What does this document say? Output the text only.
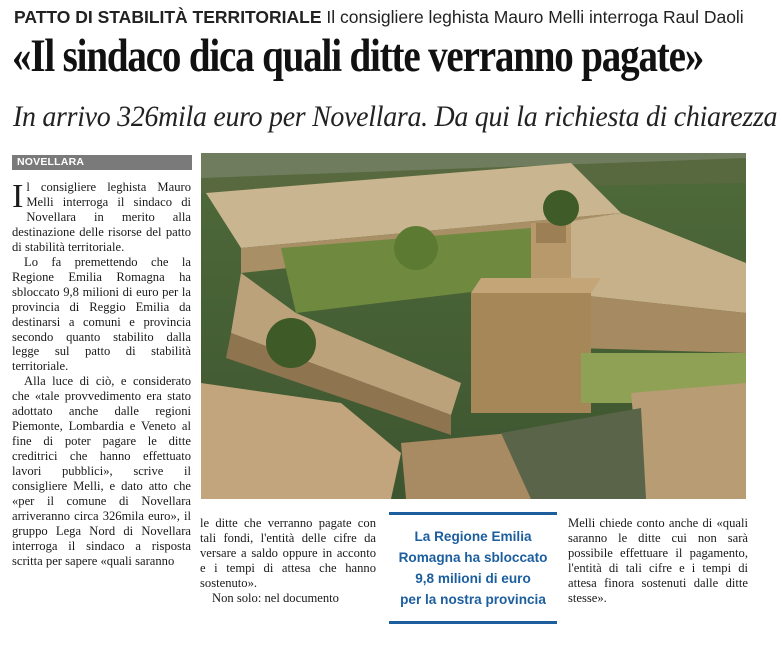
PATTO DI STABILITÀ TERRITORIALE Il consigliere leghista Mauro Melli interroga Raul Daoli
«Il sindaco dica quali ditte verranno pagate»
In arrivo 326mila euro per Novellara. Da qui la richiesta di chiarezza
NOVELLARA

Il consigliere leghista Mauro Melli interroga il sindaco di Novellara in merito alla destinazione delle risorse del patto di stabilità territoriale.

Lo fa premettendo che la Regione Emilia Romagna ha sbloccato 9,8 milioni di euro per la provincia di Reggio Emilia da destinarsi a comuni e provincia secondo quanto stabilito dalla legge sul patto di stabilità territoriale.

Alla luce di ciò, e considerato che «tale provvedimento era stato adottato anche dalle regioni Piemonte, Lombardia e Veneto al fine di poter pagare le ditte creditrici che hanno effettuato lavori pubblici», scrive il consigliere Melli, e dato atto che «per il comune di Novellara arriveranno circa 326mila euro», il gruppo Lega Nord di Novellara interroga il sindaco a risposta scritta per sapere «quali saranno

le ditte che verranno pagate con tali fondi, l'entità delle cifre da versare a saldo oppure in acconto e i tempi di attesa che hanno sostenuto».

Non solo: nel documento

La Regione Emilia
Romagna ha sbloccato
9,8 milioni di euro
per la nostra provincia

Melli chiede conto anche di «quali saranno le ditte cui non sarà possibile effettuare il pagamento, l'entità di tali cifre e i tempi di attesa finora sostenuti dalle ditte stesse».
